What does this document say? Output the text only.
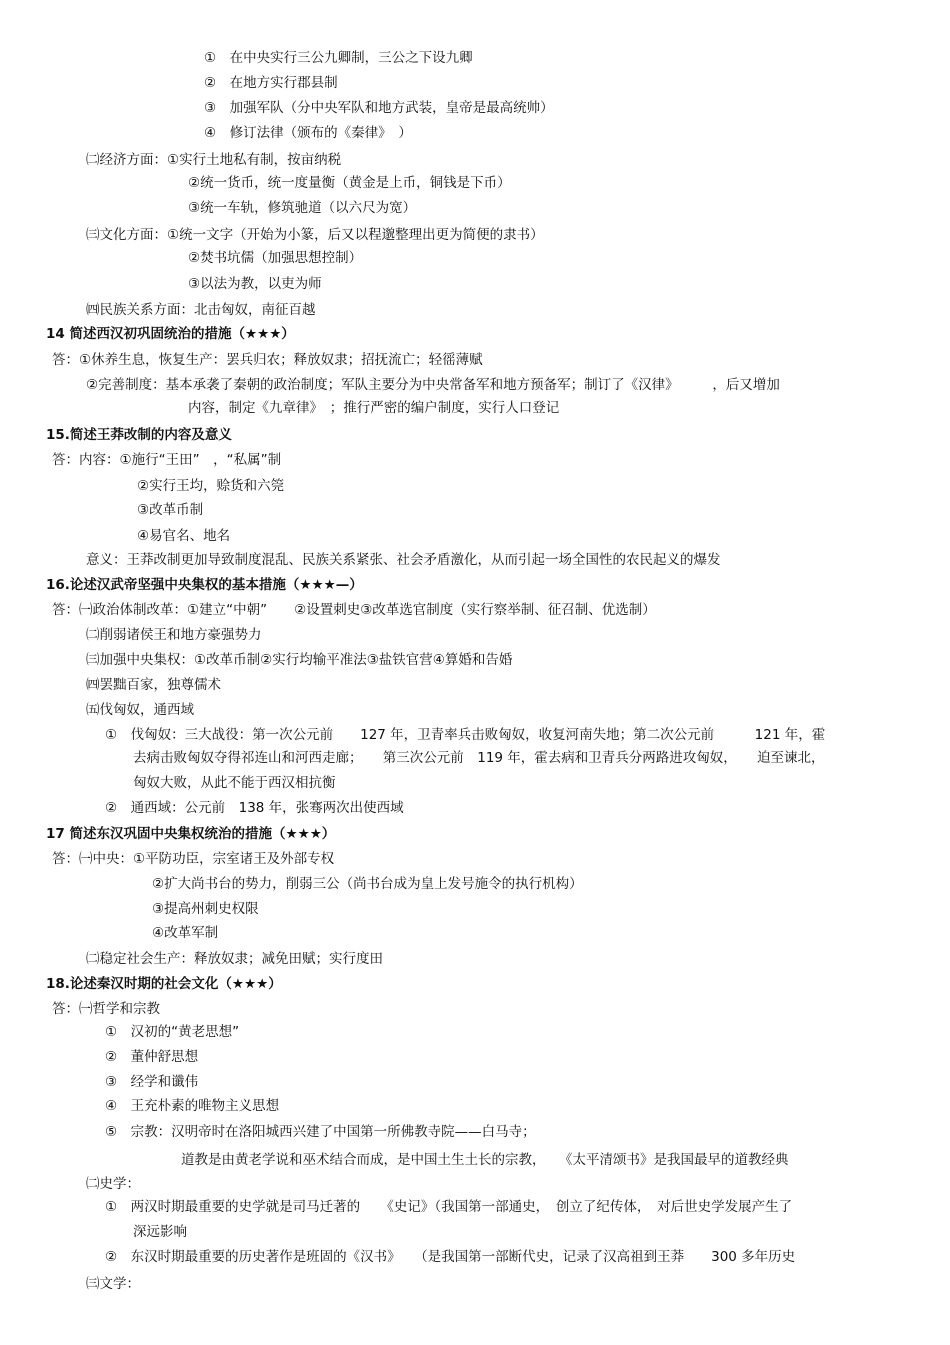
①　在中央实行三公九卿制，三公之下设九卿
②　在地方实行郡县制
③　加强军队（分中央军队和地方武装，皇帝是最高统帅）
④　修订法律（颁布的《秦律》　）
㈡经济方面：①实行土地私有制，按亩纳税
②统一货币，统一度量衡（黄金是上币，铜钱是下币）
③统一车轨，修筑驰道（以六尺为宽）
㈢文化方面：①统一文字（开始为小篆，后又以程邈整理出更为简便的隶书）
②焚书坑儒（加强思想控制）
③以法为教，以吏为师
㈣民族关系方面：北击匈奴，南征百越
14 简述西汉初巩固统治的措施（★★★）
答：①休养生息，恢复生产：罢兵归农；释放奴隶；招抚流亡；轻徭薄赋
②完善制度：基本承袭了秦朝的政治制度；军队主要分为中央常备军和地方预备军；制订了《汉律》　　　，后又增加
内容，制定《九章律》　；推行严密的编户制度，实行人口登记
15.简述王莽改制的内容及意义
答：内容：①施行“王田”　，“私属”制
②实行王均，赊货和六筦
③改革币制
④易官名、地名
意义：王莽改制更加导致制度混乱、民族关系紧张、社会矛盾激化，从而引起一场全国性的农民起义的爆发
16.论述汉武帝坚强中央集权的基本措施（★★★—）
答：㈠政治体制改革：①建立“中朝”　　②设置刺史③改革选官制度（实行察举制、征召制、优选制）
㈡削弱诸侯王和地方豪强势力
㈢加强中央集权：①改革币制②实行均输平准法③盐铁官营④算婚和告婚
㈣罢黜百家，独尊儒术
㈤伐匈奴，通西域
①　伐匈奴：三大战役：第一次公元前　　127 年，卫青率兵击败匈奴，收复河南失地；第二次公元前　　　121 年，霍
去病击败匈奴夺得祁连山和河西走廊；　　第三次公元前　119 年，霍去病和卫青兵分两路进攻匈奴，　　迫至谏北，
匈奴大败，从此不能于西汉相抗衡
②　通西域：公元前　138 年，张骞两次出使西域
17 简述东汉巩固中央集权统治的措施（★★★）
答：㈠中央：①平防功臣，宗室诸王及外部专权
②扩大尚书台的势力，削弱三公（尚书台成为皇上发号施令的执行机构）
③提高州刺史权限
④改革军制
㈡稳定社会生产：释放奴隶；减免田赋；实行度田
18.论述秦汉时期的社会文化（★★★）
答：㈠哲学和宗教
①　汉初的“黄老思想”
②　董仲舒思想
③　经学和谶伟
④　王充朴素的唯物主义思想
⑤　宗教：汉明帝时在洛阳城西兴建了中国第一所佛教寺院——白马寺；
道教是由黄老学说和巫术结合而成，是中国土生土长的宗教，　　《太平清颂书》是我国最早的道教经典
㈡史学：
①　两汉时期最重要的史学就是司马迁著的　　《史记》（我国第一部通史，　创立了纪传体，　对后世史学发展产生了
深远影响
②　东汉时期最重要的历史著作是班固的《汉书》　　（是我国第一部断代史，记录了汉高祖到王莽　　300 多年历史
㈢文学：
